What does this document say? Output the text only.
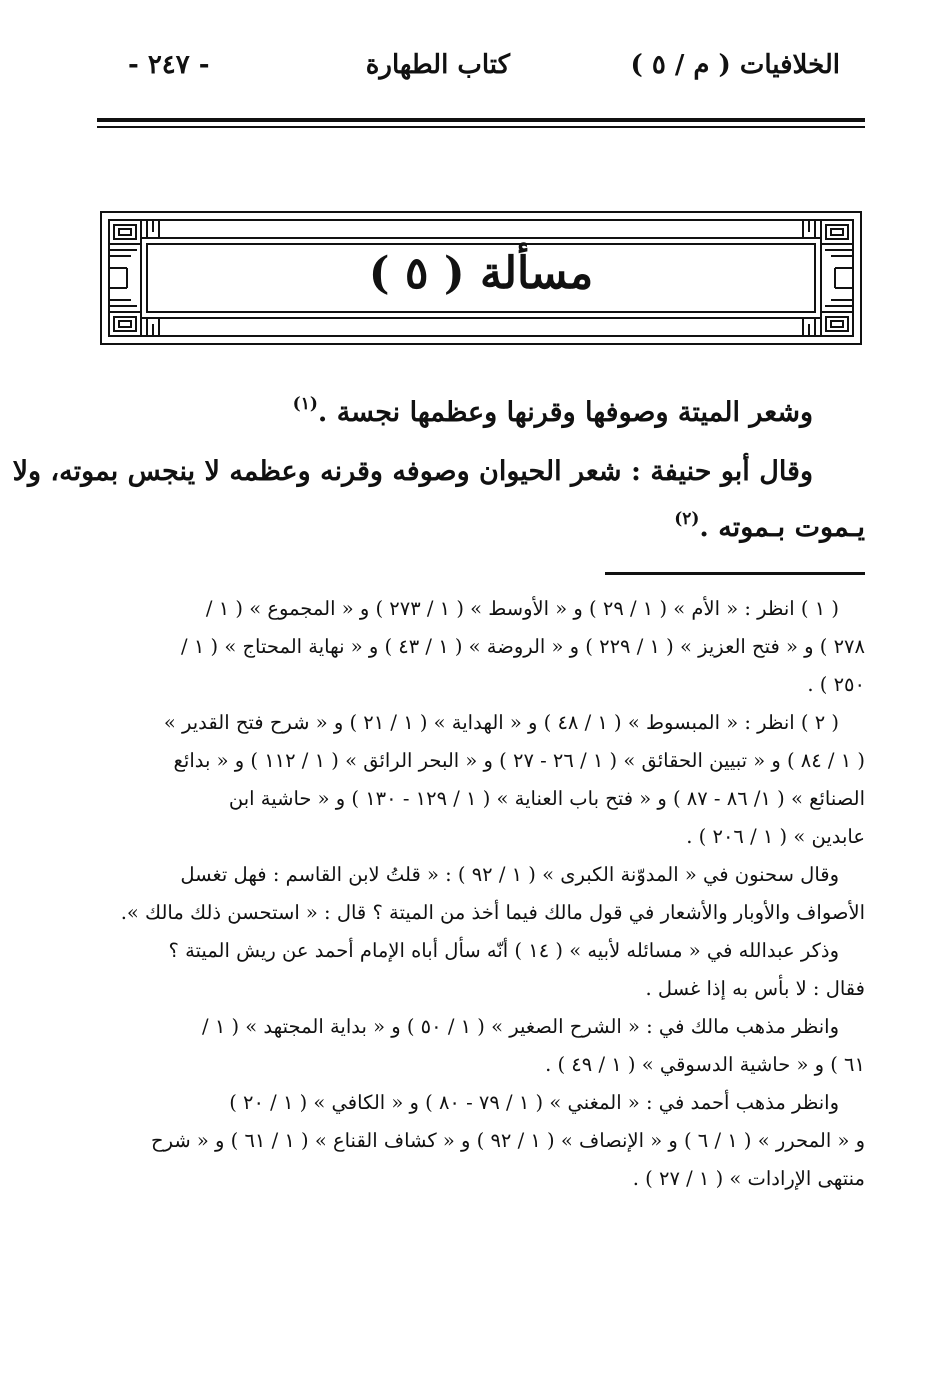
الخلافيات ( م / ٥ )
كتاب الطهارة
- ٢٤٧ -
مسألة ( ٥ )
وشعر الميتة وصوفها وقرنها وعظمها نجسة .$^{(١)}$
وقال أبو حنيفة : شعر الحيوان وصوفه وقرنه وعظمه لا ينجس بموته، ولا
يـموت بـموته .$^{(٢)}$
( ١ ) انظر : « الأم » ( ١ / ٢٩ ) و « الأوسط » ( ١ / ٢٧٣ ) و « المجموع » ( ١ /
٢٧٨ ) و « فتح العزيز » ( ١ / ٢٢٩ ) و « الروضة » ( ١ / ٤٣ ) و « نهاية المحتاج » ( ١ /
٢٥٠ ) .
( ٢ ) انظر : « المبسوط » ( ١ / ٤٨ ) و « الهداية » ( ١ / ٢١ ) و « شرح فتح القدير »
( ١ / ٨٤ ) و « تبيين الحقائق » ( ١ / ٢٦ - ٢٧ ) و « البحر الرائق » ( ١ / ١١٢ ) و « بدائع
الصنائع » ( ١/ ٨٦ - ٨٧ ) و « فتح باب العناية » ( ١ / ١٢٩ - ١٣٠ ) و « حاشية ابن
عابدين » ( ١ / ٢٠٦ ) .
وقال سحنون في « المدوّنة الكبرى » ( ١ / ٩٢ ) : « قلتُ لابن القاسم : فهل تغسل
الأصواف والأوبار والأشعار في قول مالك فيما أخذ من الميتة ؟ قال : « استحسن ذلك مالك ».
وذكر عبدالله في « مسائله لأبيه » ( ١٤ ) أنّه سأل أباه الإمام أحمد عن ريش الميتة ؟
فقال : لا بأس به إذا غسل .
وانظر مذهب مالك في : « الشرح الصغير » ( ١ / ٥٠ ) و « بداية المجتهد » ( ١ /
٦١ ) و « حاشية الدسوقي » ( ١ / ٤٩ ) .
وانظر مذهب أحمد في : « المغني » ( ١ / ٧٩ - ٨٠ ) و « الكافي » ( ١ / ٢٠ )
و « المحرر » ( ١ / ٦ ) و « الإنصاف » ( ١ / ٩٢ ) و « كشاف القناع » ( ١ / ٦١ ) و « شرح
منتهى الإرادات » ( ١ / ٢٧ ) .
